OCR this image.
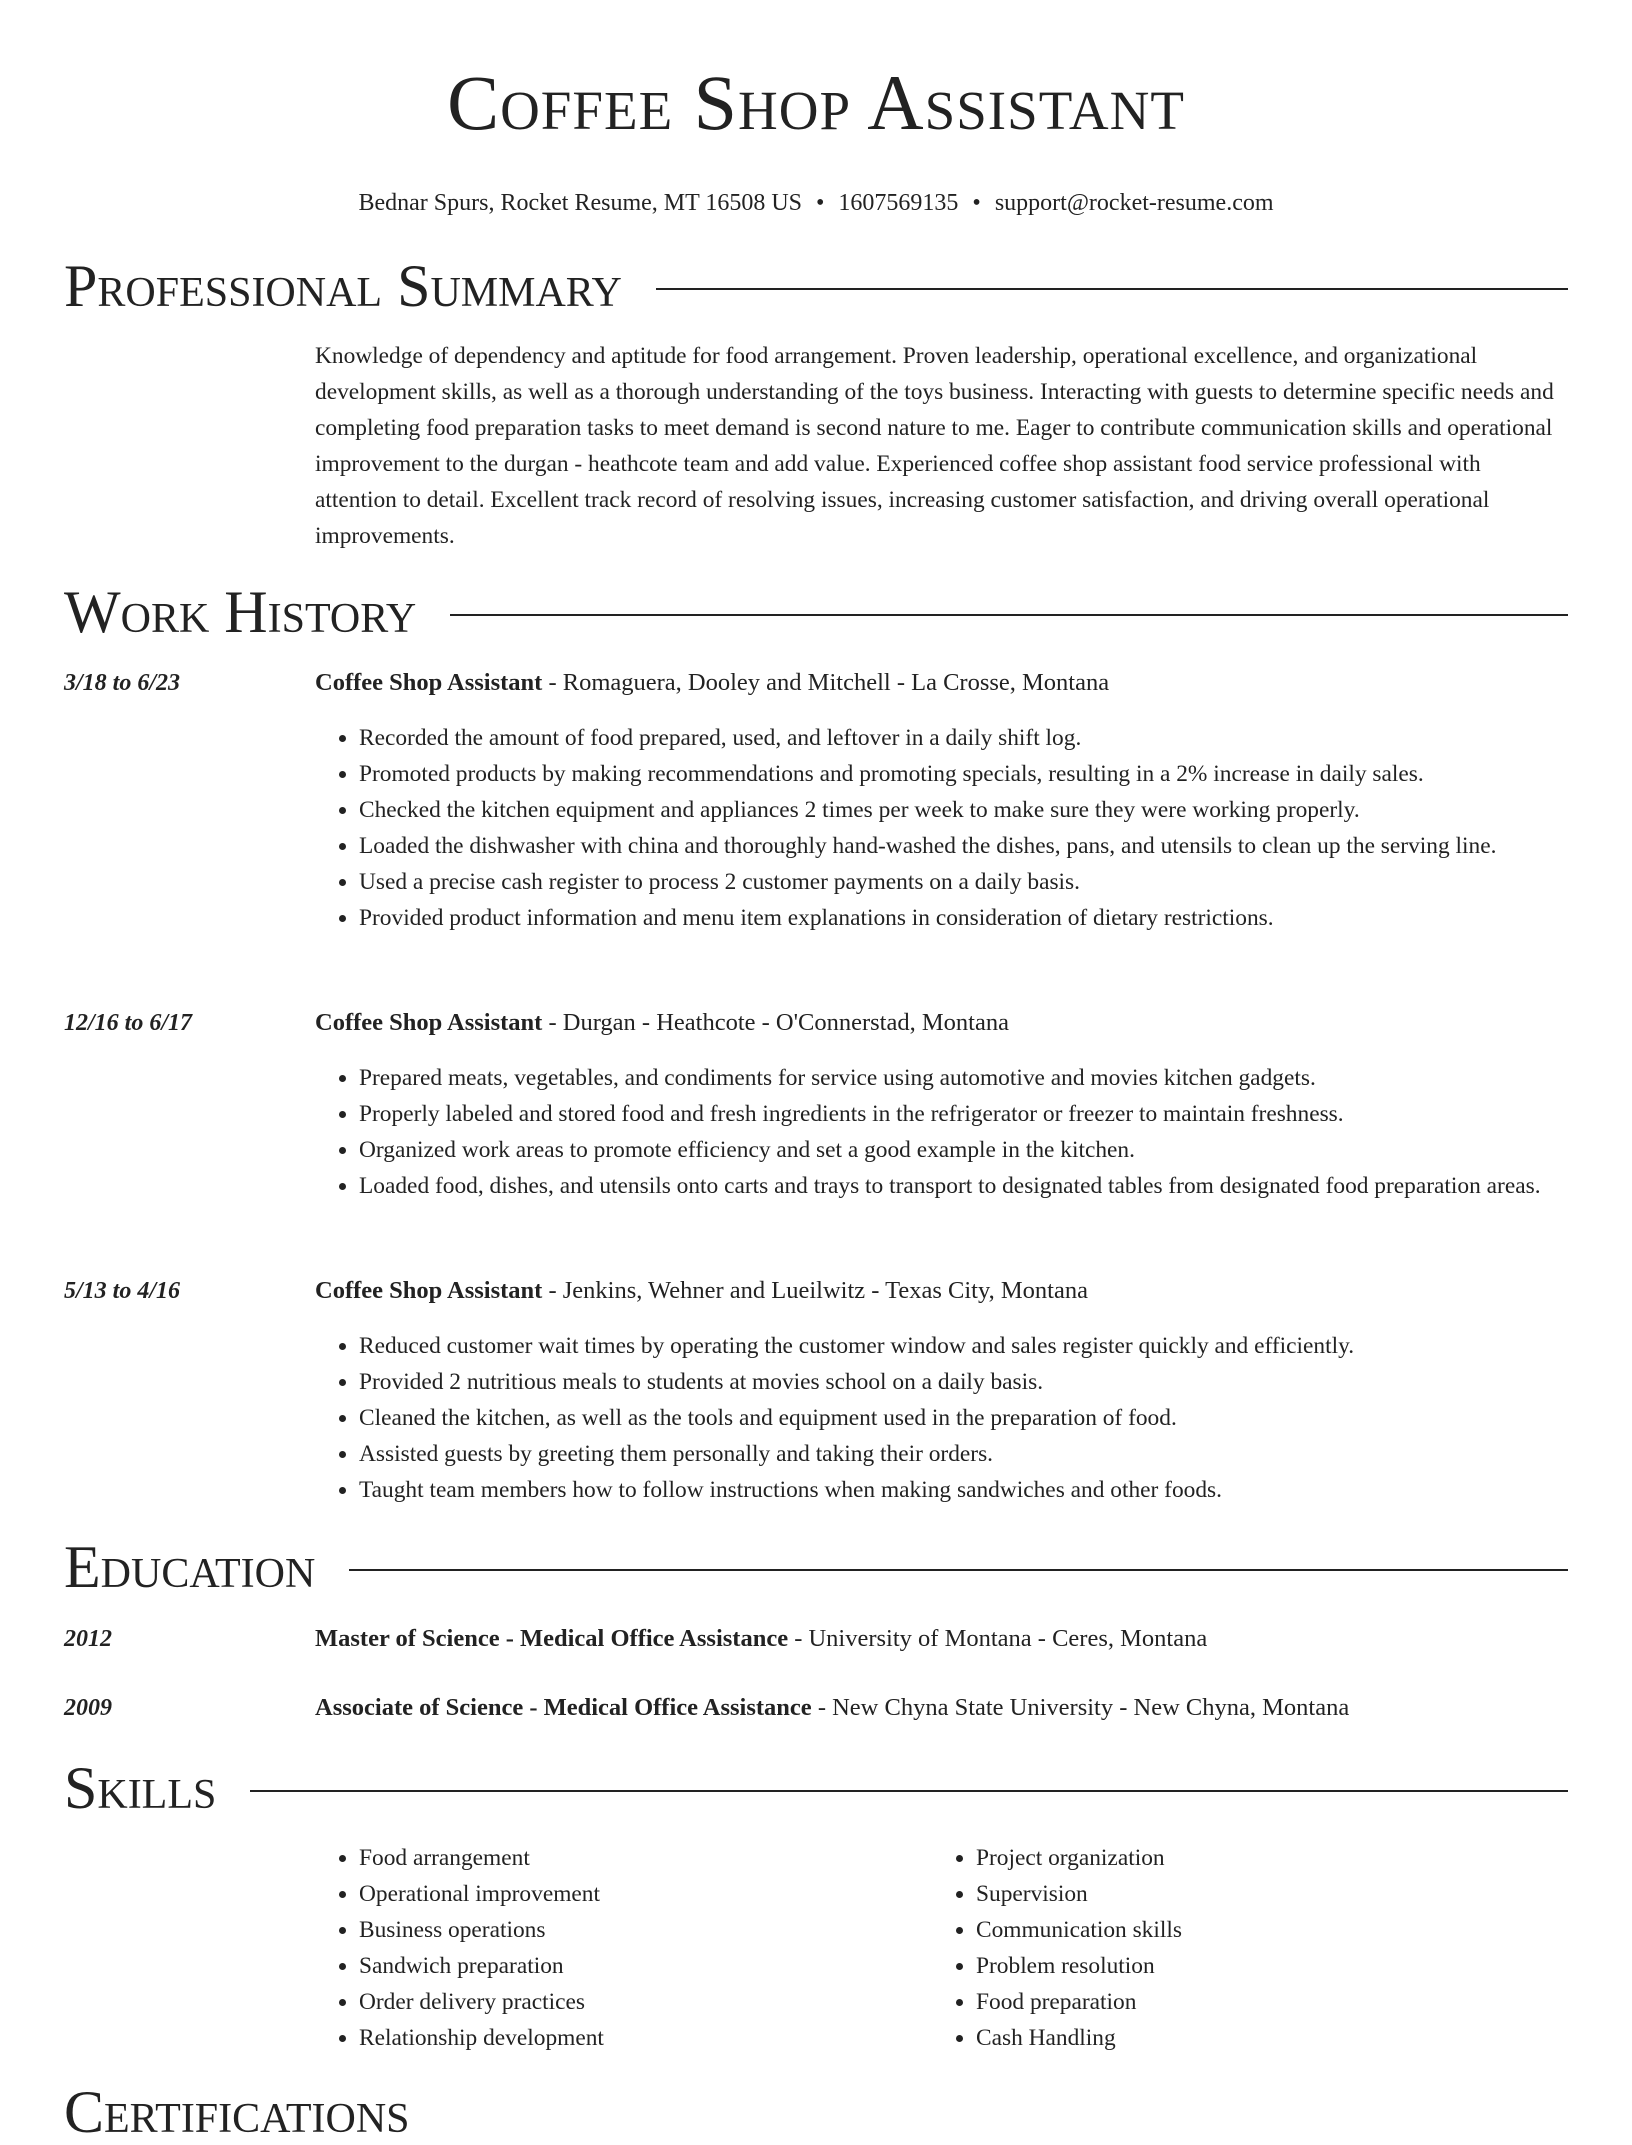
Coffee Shop Assistant
Bednar Spurs, Rocket Resume, MT 16508 US • 1607569135 • support@rocket-resume.com
Professional Summary
Knowledge of dependency and aptitude for food arrangement. Proven leadership, operational excellence, and organizational development skills, as well as a thorough understanding of the toys business. Interacting with guests to determine specific needs and completing food preparation tasks to meet demand is second nature to me. Eager to contribute communication skills and operational improvement to the durgan - heathcote team and add value. Experienced coffee shop assistant food service professional with attention to detail. Excellent track record of resolving issues, increasing customer satisfaction, and driving overall operational improvements.
Work History
3/18 to 6/23	Coffee Shop Assistant - Romaguera, Dooley and Mitchell - La Crosse, Montana
• Recorded the amount of food prepared, used, and leftover in a daily shift log.
• Promoted products by making recommendations and promoting specials, resulting in a 2% increase in daily sales.
• Checked the kitchen equipment and appliances 2 times per week to make sure they were working properly.
• Loaded the dishwasher with china and thoroughly hand-washed the dishes, pans, and utensils to clean up the serving line.
• Used a precise cash register to process 2 customer payments on a daily basis.
• Provided product information and menu item explanations in consideration of dietary restrictions.
12/16 to 6/17	Coffee Shop Assistant - Durgan - Heathcote - O'Connerstad, Montana
• Prepared meats, vegetables, and condiments for service using automotive and movies kitchen gadgets.
• Properly labeled and stored food and fresh ingredients in the refrigerator or freezer to maintain freshness.
• Organized work areas to promote efficiency and set a good example in the kitchen.
• Loaded food, dishes, and utensils onto carts and trays to transport to designated tables from designated food preparation areas.
5/13 to 4/16	Coffee Shop Assistant - Jenkins, Wehner and Lueilwitz - Texas City, Montana
• Reduced customer wait times by operating the customer window and sales register quickly and efficiently.
• Provided 2 nutritious meals to students at movies school on a daily basis.
• Cleaned the kitchen, as well as the tools and equipment used in the preparation of food.
• Assisted guests by greeting them personally and taking their orders.
• Taught team members how to follow instructions when making sandwiches and other foods.
Education
2012	Master of Science - Medical Office Assistance - University of Montana - Ceres, Montana
2009	Associate of Science - Medical Office Assistance - New Chyna State University - New Chyna, Montana
Skills
• Food arrangement
• Operational improvement
• Business operations
• Sandwich preparation
• Order delivery practices
• Relationship development
• Project organization
• Supervision
• Communication skills
• Problem resolution
• Food preparation
• Cash Handling
Certifications
